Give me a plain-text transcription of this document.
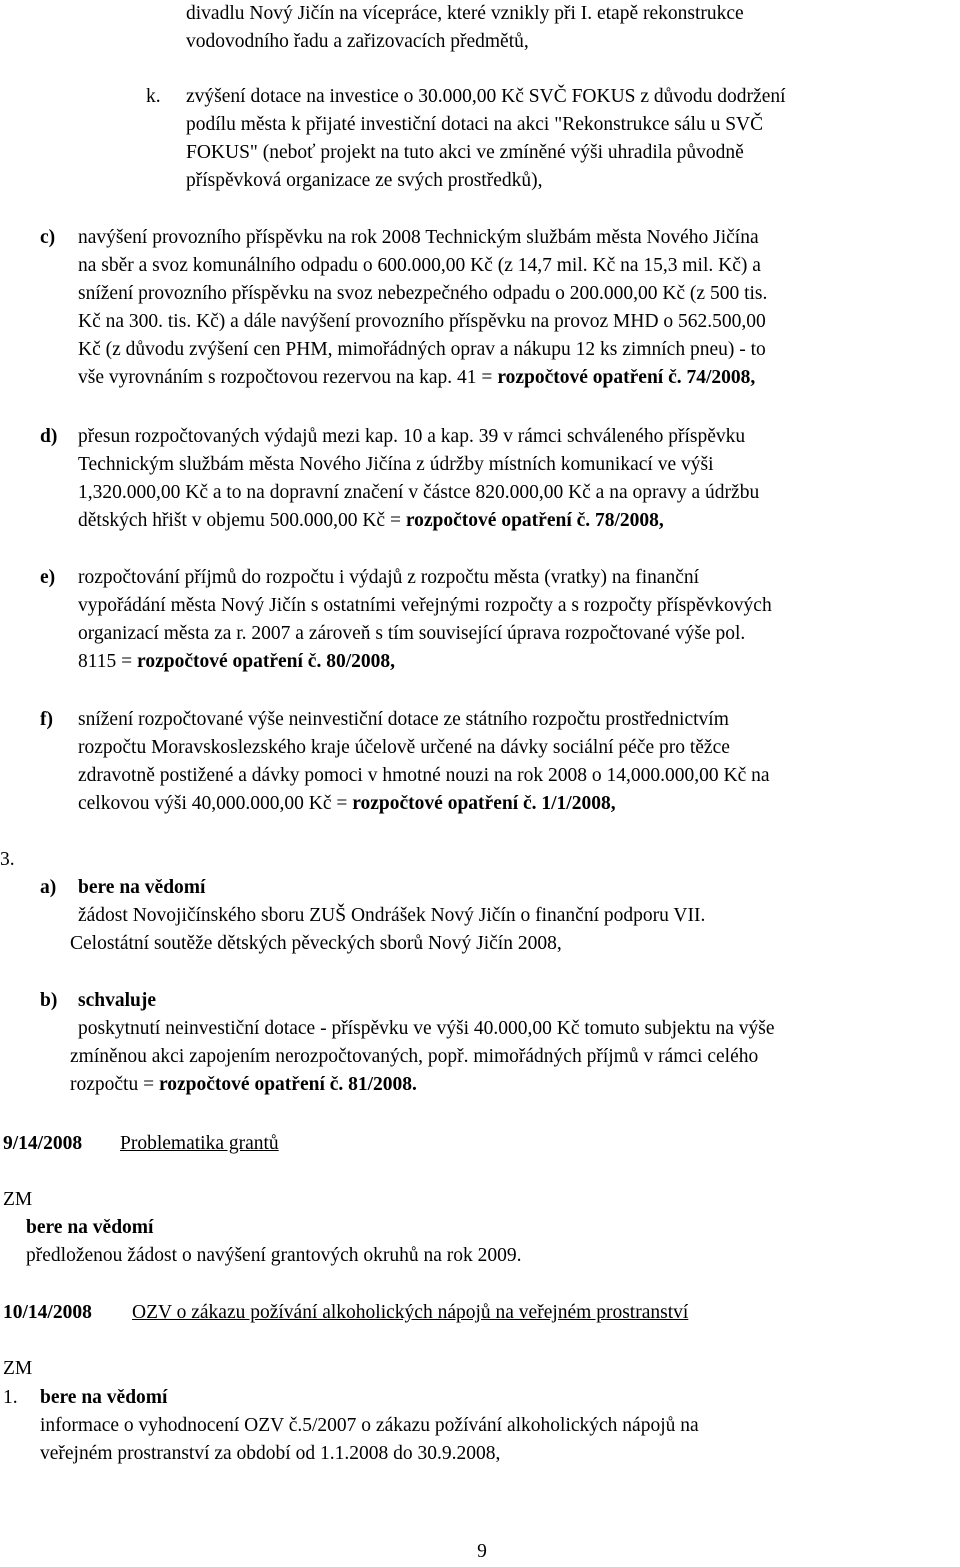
divadlu Nový Jičín na vícepráce, které vznikly při I. etapě rekonstrukce
vodovodního řadu a zařizovacích předmětů,
k. zvýšení dotace na investice o 30.000,00 Kč SVČ FOKUS z důvodu dodržení
podílu města k přijaté investiční dotaci na akci "Rekonstrukce sálu u SVČ
FOKUS" (neboť projekt na tuto akci ve zmíněné výši uhradila původně
příspěvková organizace ze svých prostředků),
c) navýšení provozního příspěvku na rok 2008 Technickým službám města Nového Jičína
na sběr a svoz komunálního odpadu o 600.000,00 Kč (z 14,7 mil. Kč na 15,3 mil. Kč) a
snížení provozního příspěvku na svoz nebezpečného odpadu o 200.000,00 Kč (z 500 tis.
Kč na 300. tis. Kč) a dále navýšení provozního příspěvku na provoz MHD o 562.500,00
Kč (z důvodu zvýšení cen PHM, mimořádných oprav a nákupu 12 ks zimních pneu) - to
vše vyrovnáním s rozpočtovou rezervou na kap. 41 = rozpočtové opatření č. 74/2008,
d) přesun rozpočtovaných výdajů mezi kap. 10 a kap. 39 v rámci schváleného příspěvku
Technickým službám města Nového Jičína z údržby místních komunikací ve výši
1,320.000,00 Kč a to na dopravní značení v částce 820.000,00 Kč a na opravy a údržbu
dětských hřišt v objemu 500.000,00 Kč = rozpočtové opatření č. 78/2008,
e) rozpočtování příjmů do rozpočtu i výdajů z rozpočtu města (vratky) na finanční
vypořádání města Nový Jičín s ostatními veřejnými rozpočty a s rozpočty příspěvkových
organizací města za r. 2007 a zároveň s tím související úprava rozpočtované výše pol.
8115 = rozpočtové opatření č. 80/2008,
f) snížení rozpočtované výše neinvestiční dotace ze státního rozpočtu prostřednictvím
rozpočtu Moravskoslezského kraje účelově určené na dávky sociální péče pro těžce
zdravotně postižené a dávky pomoci v hmotné nouzi na rok 2008 o 14,000.000,00 Kč na
celkovou výši 40,000.000,00 Kč = rozpočtové opatření č. 1/1/2008,
3.
a) bere na vědomí
žádost Novojičínského sboru ZUŠ Ondrášek Nový Jičín o finanční podporu VII.
Celostátní soutěže dětských pěveckých sborů Nový Jičín 2008,
b) schvaluje
poskytnutí neinvestiční dotace - příspěvku ve výši 40.000,00 Kč tomuto subjektu na výše
zmíněnou akci zapojením nerozpočtovaných, popř. mimořádných příjmů v rámci celého
rozpočtu = rozpočtové opatření č. 81/2008.
9/14/2008 Problematika grantů
ZM
bere na vědomí
předloženou žádost o navýšení grantových okruhů na rok 2009.
10/14/2008 OZV o zákazu požívání alkoholických nápojů na veřejném prostranství
ZM
1. bere na vědomí
informace o vyhodnocení OZV č.5/2007 o zákazu požívání alkoholických nápojů na
veřejném prostranství za období od 1.1.2008 do 30.9.2008,
9
